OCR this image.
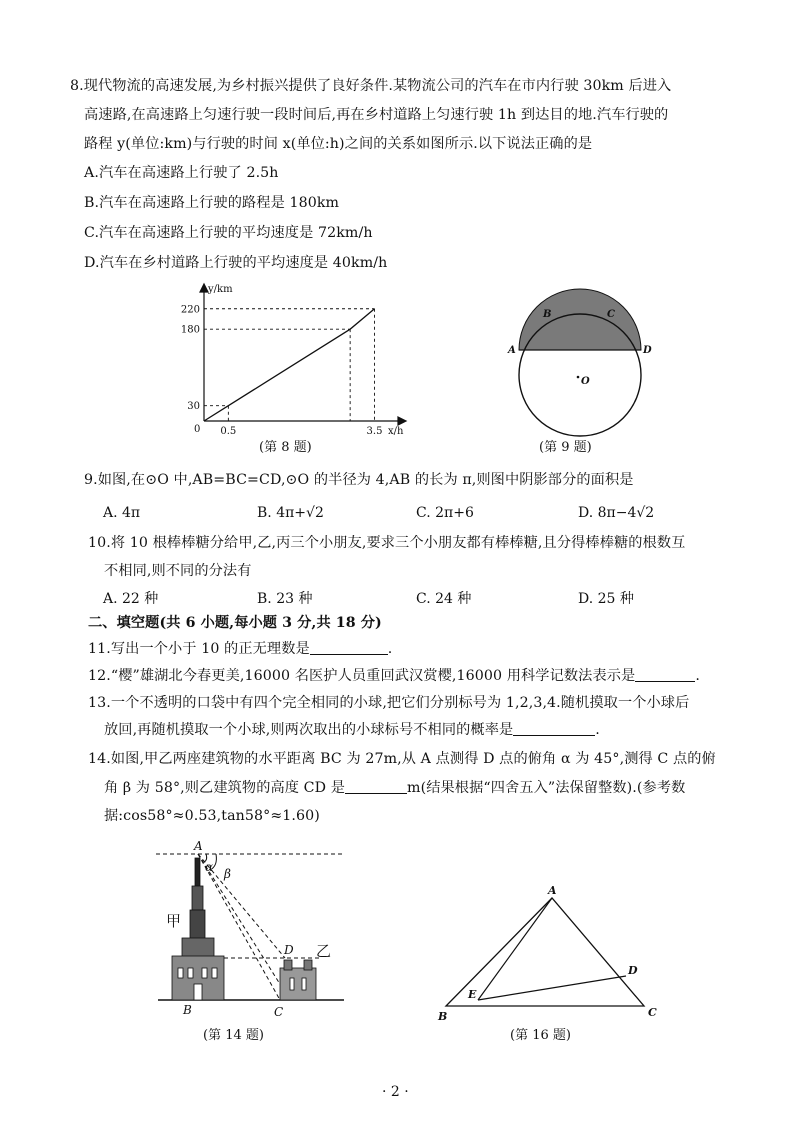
8.现代物流的高速发展,为乡村振兴提供了良好条件.某物流公司的汽车在市内行驶 30km 后进入
高速路,在高速路上匀速行驶一段时间后,再在乡村道路上匀速行驶 1h 到达目的地.汽车行驶的
路程 y(单位:km)与行驶的时间 x(单位:h)之间的关系如图所示.以下说法正确的是
A.汽车在高速路上行驶了 2.5h
B.汽车在高速路上行驶的路程是 180km
C.汽车在高速路上行驶的平均速度是 72km/h
D.汽车在乡村道路上行驶的平均速度是 40km/h
y/km
x/h
0
30
180
220
0.5	3.5
(第 8 题)
A
B	C
D
O
(第 9 题)
9.如图,在⊙O 中,AB=BC=CD,⊙O 的半径为 4,AB 的长为 π,则图中阴影部分的面积是
A. 4π	B. 4π+√2	C. 2π+6	D. 8π−4√2
10.将 10 根棒棒糖分给甲,乙,丙三个小朋友,要求三个小朋友都有棒棒糖,且分得棒棒糖的根数互
不相同,则不同的分法有
A. 22 种	B. 23 种	C. 24 种	D. 25 种
二、填空题(共 6 小题,每小题 3 分,共 18 分)
11.写出一个小于 10 的正无理数是	.
12.“樱”雄湖北今春更美,16000 名医护人员重回武汉赏樱,16000 用科学记数法表示是	.
13.一个不透明的口袋中有四个完全相同的小球,把它们分别标号为 1,2,3,4.随机摸取一个小球后
放回,再随机摸取一个小球,则两次取出的小球标号不相同的概率是	.
14.如图,甲乙两座建筑物的水平距离 BC 为 27m,从 A 点测得 D 点的俯角 α 为 45°,测得 C 点的俯
角 β 为 58°,则乙建筑物的高度 CD 是	m(结果根据“四舍五入”法保留整数).(参考数
据:cos58°≈0.53,tan58°≈1.60)
A
α β
D
B	C
甲
乙
(第 14 题)
A
B	C
D
E
(第 16 题)
· 2 ·
